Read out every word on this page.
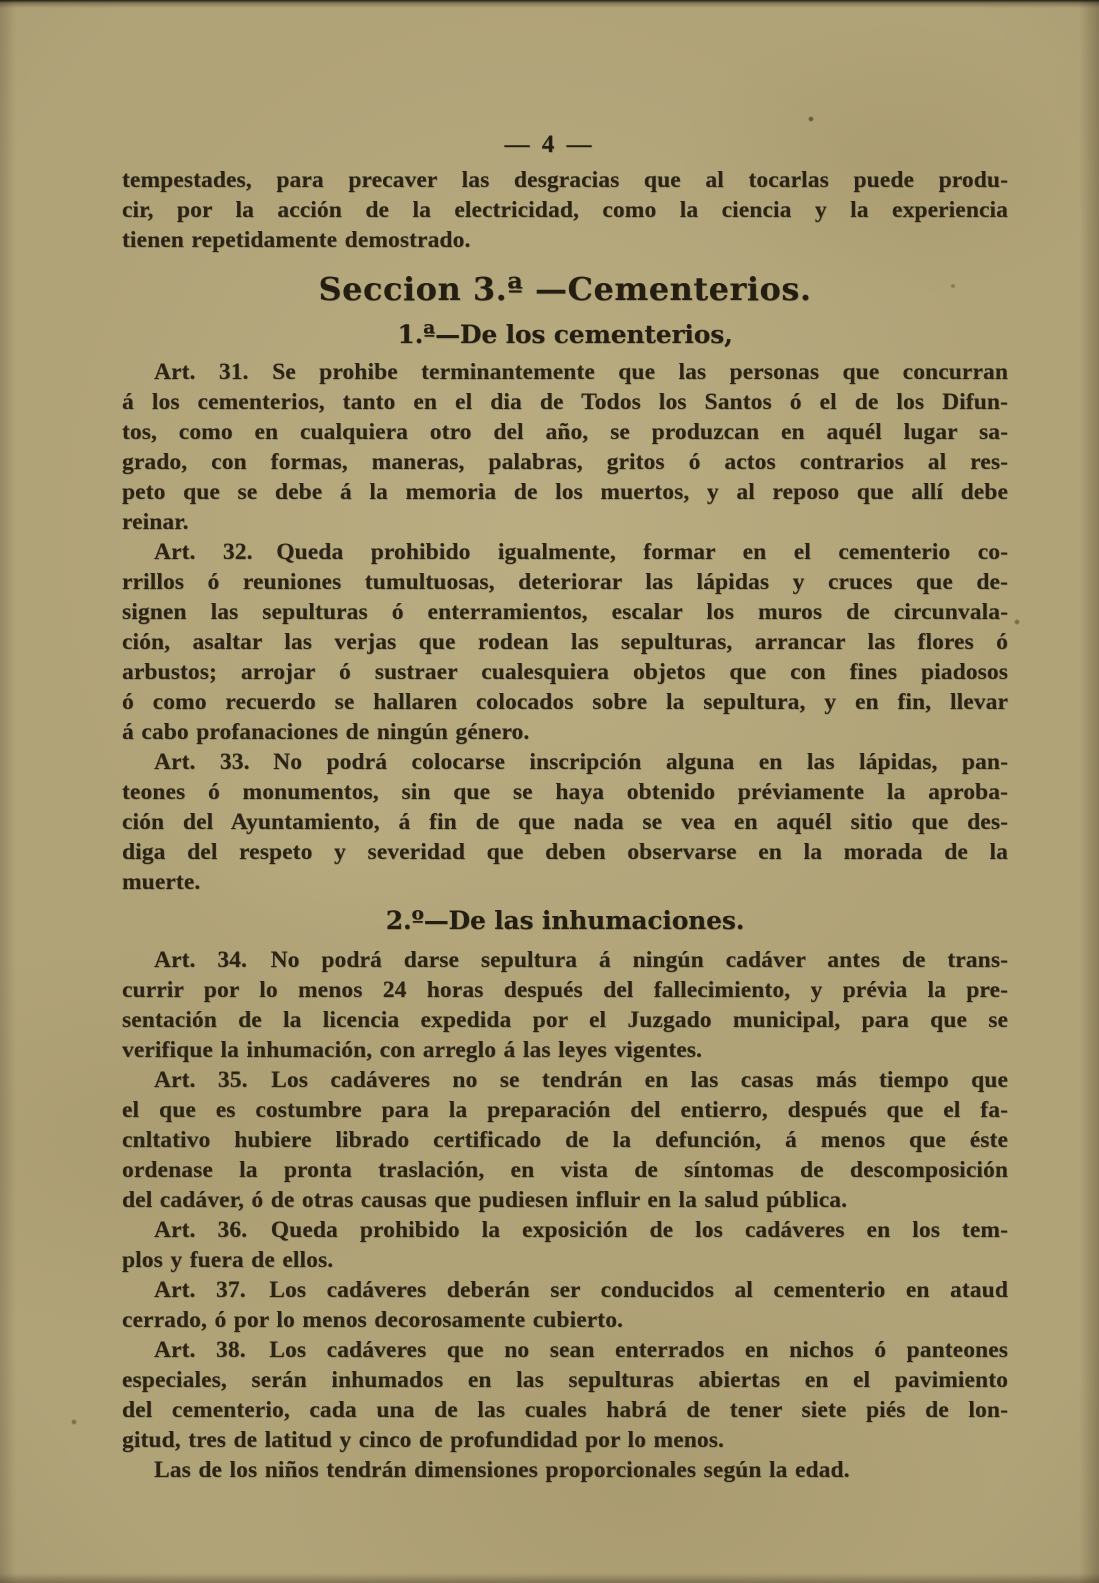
— 4 —
tempestades, para precaver las desgracias que al tocarlas puede produ-
cir, por la acción de la electricidad, como la ciencia y la experiencia
tienen repetidamente demostrado.
Seccion 3.ª —Cementerios.
1.ª—De los cementerios,
Art. 31. Se prohibe terminantemente que las personas que concurran
á los cementerios, tanto en el dia de Todos los Santos ó el de los Difun-
tos, como en cualquiera otro del año, se produzcan en aquél lugar sa-
grado, con formas, maneras, palabras, gritos ó actos contrarios al res-
peto que se debe á la memoria de los muertos, y al reposo que allí debe
reinar.
Art. 32. Queda prohibido igualmente, formar en el cementerio co-
rrillos ó reuniones tumultuosas, deteriorar las lápidas y cruces que de-
signen las sepulturas ó enterramientos, escalar los muros de circunvala-
ción, asaltar las verjas que rodean las sepulturas, arrancar las flores ó
arbustos; arrojar ó sustraer cualesquiera objetos que con fines piadosos
ó como recuerdo se hallaren colocados sobre la sepultura, y en fin, llevar
á cabo profanaciones de ningún género.
Art. 33. No podrá colocarse inscripción alguna en las lápidas, pan-
teones ó monumentos, sin que se haya obtenido préviamente la aproba-
ción del Ayuntamiento, á fin de que nada se vea en aquél sitio que des-
diga del respeto y severidad que deben observarse en la morada de la
muerte.
2.º—De las inhumaciones.
Art. 34. No podrá darse sepultura á ningún cadáver antes de trans-
currir por lo menos 24 horas después del fallecimiento, y prévia la pre-
sentación de la licencia expedida por el Juzgado municipal, para que se
verifique la inhumación, con arreglo á las leyes vigentes.
Art. 35. Los cadáveres no se tendrán en las casas más tiempo que
el que es costumbre para la preparación del entierro, después que el fa-
cnltativo hubiere librado certificado de la defunción, á menos que éste
ordenase la pronta traslación, en vista de síntomas de descomposición
del cadáver, ó de otras causas que pudiesen influir en la salud pública.
Art. 36. Queda prohibido la exposición de los cadáveres en los tem-
plos y fuera de ellos.
Art. 37. Los cadáveres deberán ser conducidos al cementerio en ataud
cerrado, ó por lo menos decorosamente cubierto.
Art. 38. Los cadáveres que no sean enterrados en nichos ó panteones
especiales, serán inhumados en las sepulturas abiertas en el pavimiento
del cementerio, cada una de las cuales habrá de tener siete piés de lon-
gitud, tres de latitud y cinco de profundidad por lo menos.
Las de los niños tendrán dimensiones proporcionales según la edad.
